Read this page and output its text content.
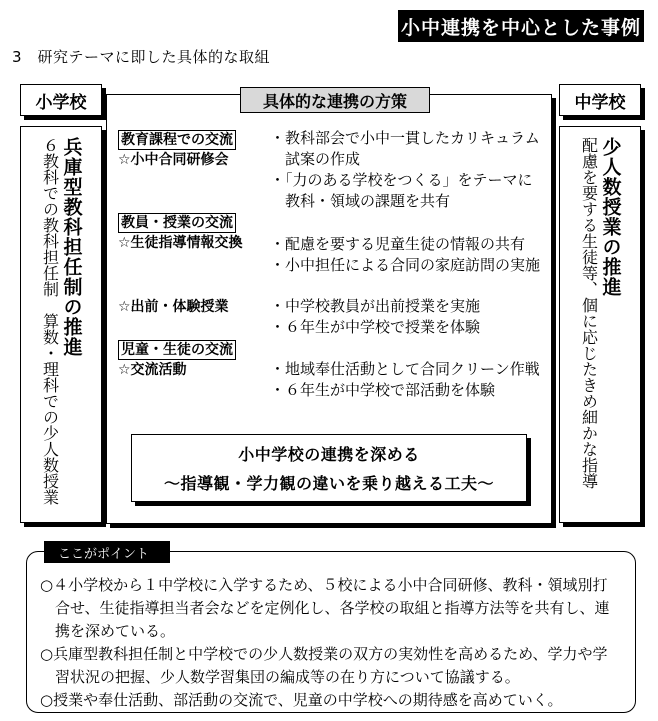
小中連携を中心とした事例
3　研究テーマに即した具体的な取組
小学校
兵庫型教科担任制の推進
６教科での教科担任制　算数・理科での少人数授業
中学校
少人数授業の推進
配慮を要する生徒等、個に応じたきめ細かな指導
具体的な連携の方策
教育課程での交流
☆小中合同研修会
教員・授業の交流
☆生徒指導情報交換
☆出前・体験授業
児童・生徒の交流
☆交流活動
・教科部会で小中一貫したカリキュラム
　試案の作成
・「力のある学校をつくる」をテーマに
　教科・領域の課題を共有
・配慮を要する児童生徒の情報の共有
・小中担任による合同の家庭訪問の実施
・中学校教員が出前授業を実施
・６年生が中学校で授業を体験
・地域奉仕活動として合同クリーン作戦
・６年生が中学校で部活動を体験
小中学校の連携を深める
～指導観・学力観の違いを乗り越える工夫～
ここがポイント

○４小学校から１中学校に入学するため、５校による小中合同研修、教科・領域別打

　合せ、生徒指導担当者会などを定例化し、各学校の取組と指導方法等を共有し、連

　携を深めている。

○兵庫型教科担任制と中学校での少人数授業の双方の実効性を高めるため、学力や学

　習状況の把握、少人数学習集団の編成等の在り方について協議する。

○授業や奉仕活動、部活動の交流で、児童の中学校への期待感を高めていく。
